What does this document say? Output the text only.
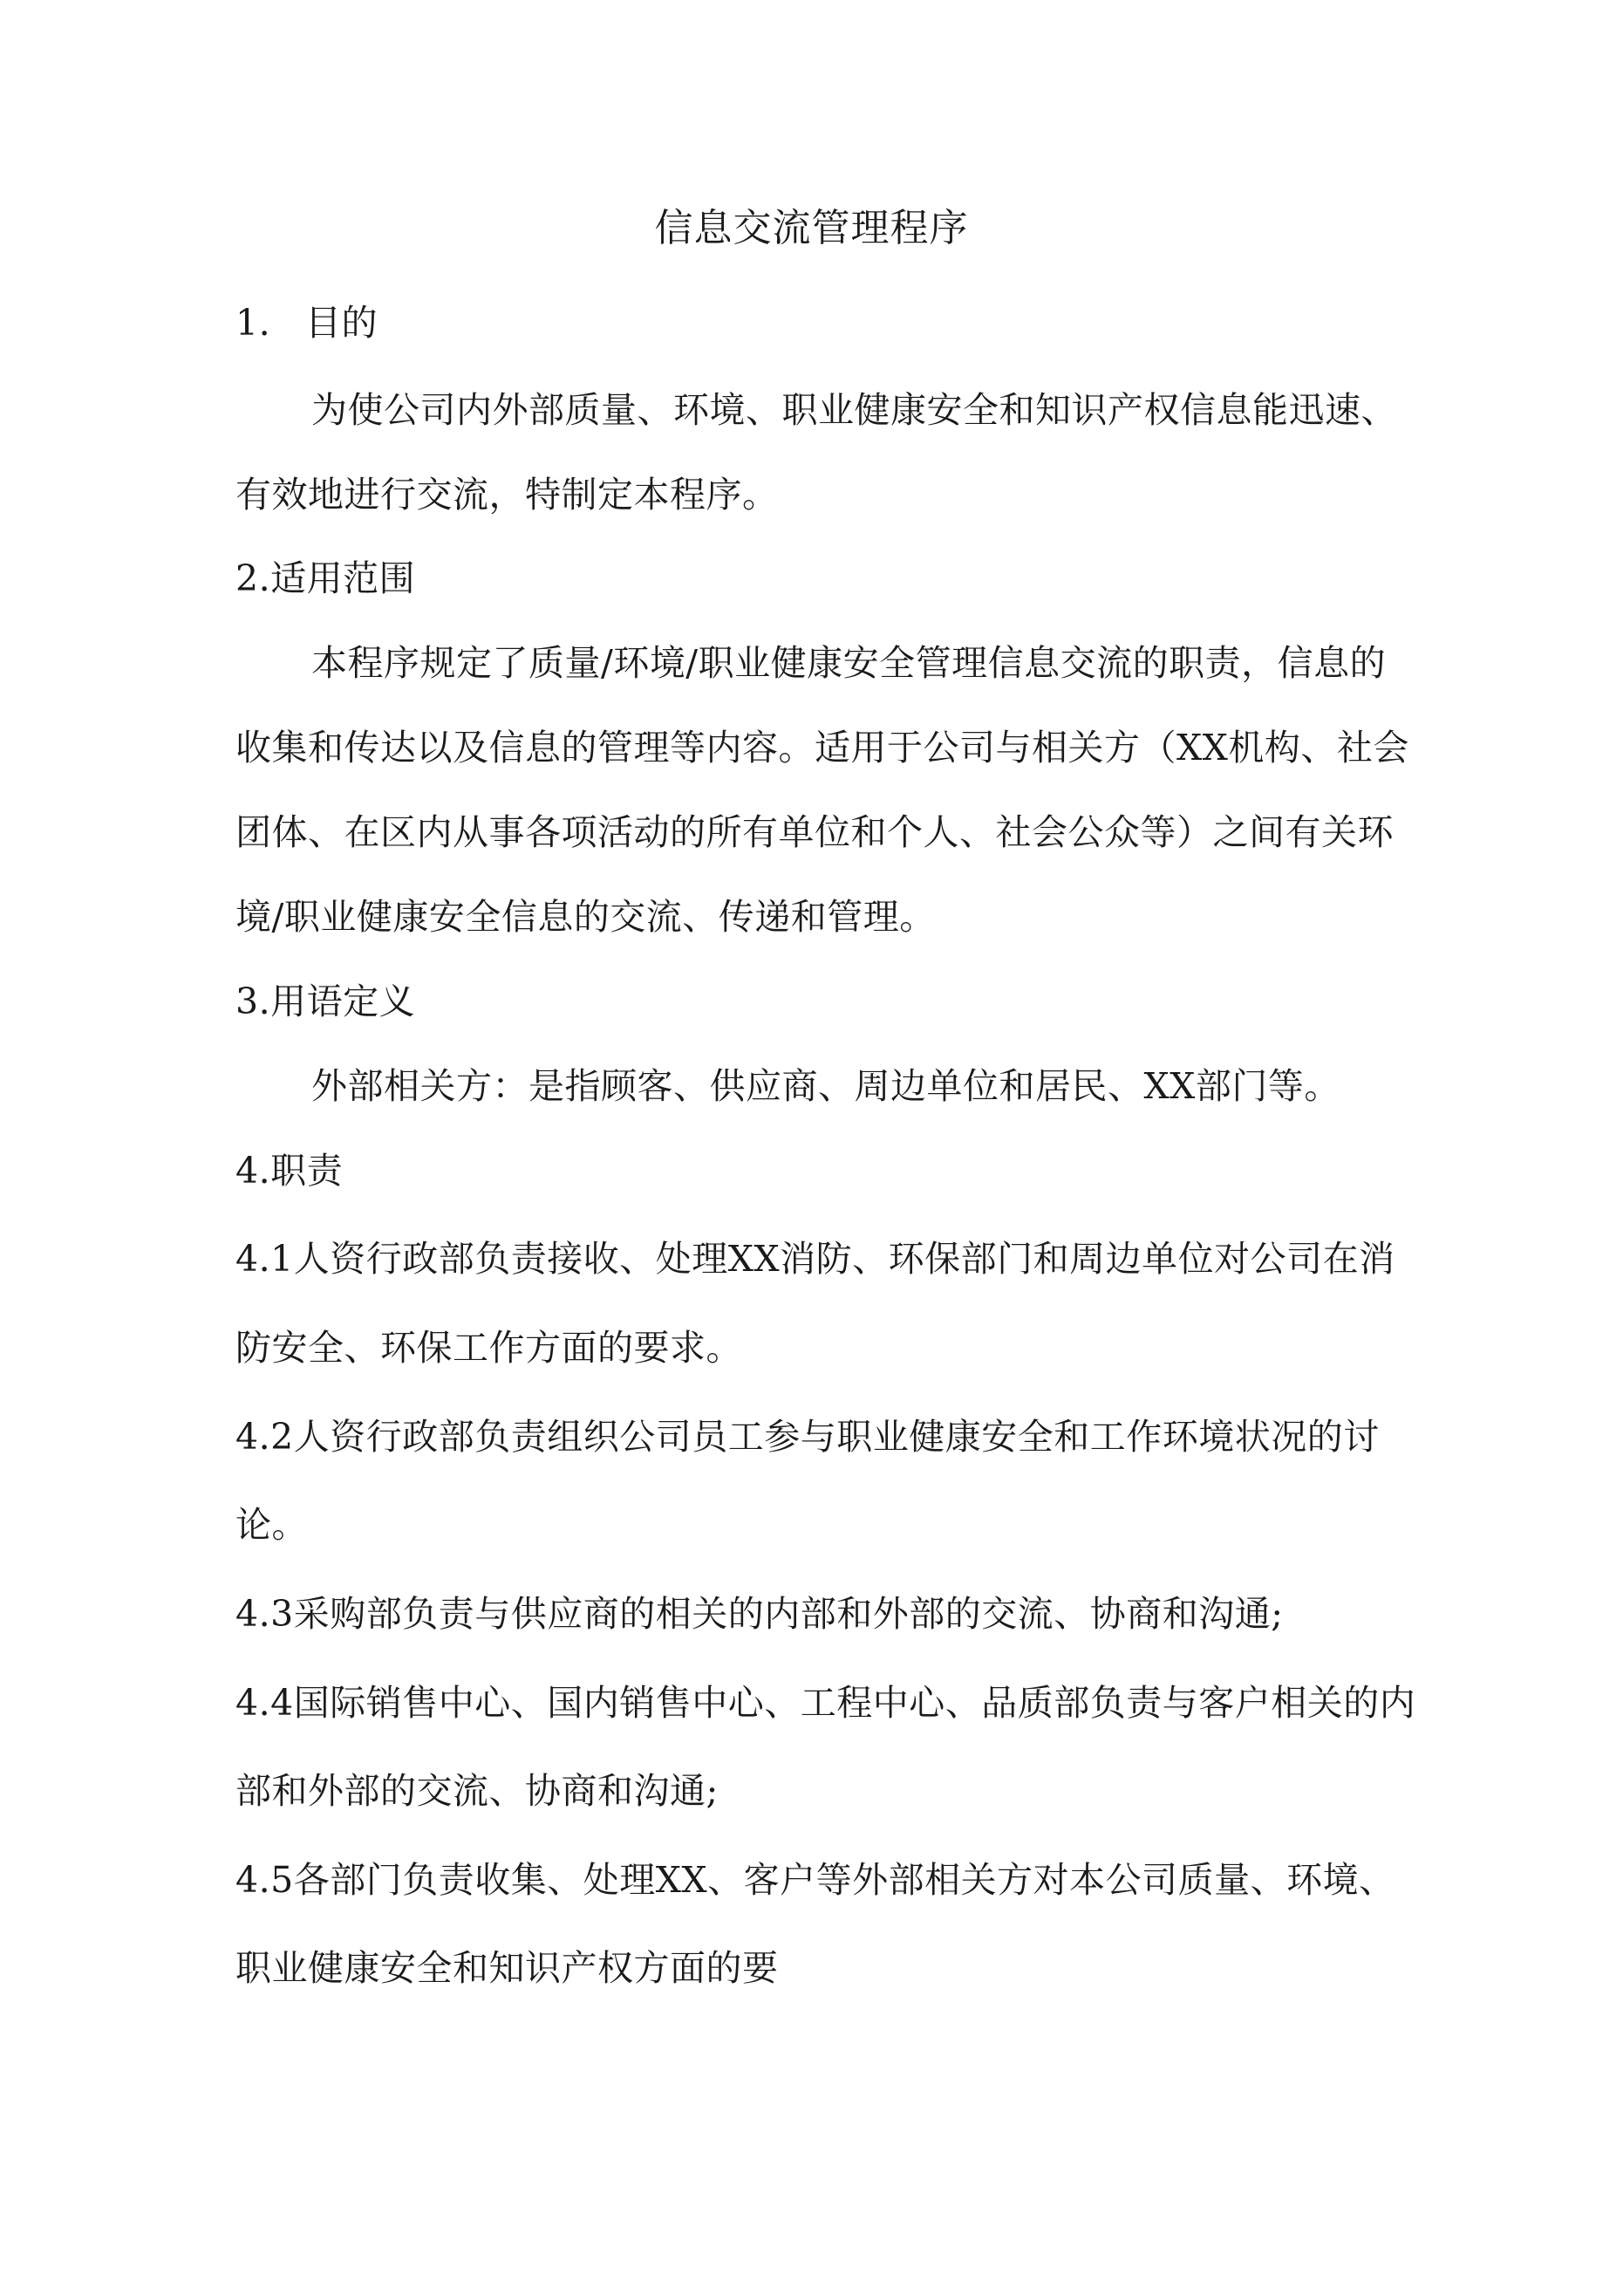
信息交流管理程序
1. 目的
为使公司内外部质量、环境、职业健康安全和知识产权信息能迅速、
有效地进行交流，特制定本程序。
2.适用范围
本程序规定了质量/环境/职业健康安全管理信息交流的职责，信息的
收集和传达以及信息的管理等内容。适用于公司与相关方（XX机构、社会
团体、在区内从事各项活动的所有单位和个人、社会公众等）之间有关环
境/职业健康安全信息的交流、传递和管理。
3.用语定义
外部相关方：是指顾客、供应商、周边单位和居民、XX部门等。
4.职责
4.1人资行政部负责接收、处理XX消防、环保部门和周边单位对公司在消
防安全、环保工作方面的要求。
4.2人资行政部负责组织公司员工参与职业健康安全和工作环境状况的讨
论。
4.3采购部负责与供应商的相关的内部和外部的交流、协商和沟通;
4.4国际销售中心、国内销售中心、工程中心、品质部负责与客户相关的内
部和外部的交流、协商和沟通;
4.5各部门负责收集、处理XX、客户等外部相关方对本公司质量、环境、
职业健康安全和知识产权方面的要
